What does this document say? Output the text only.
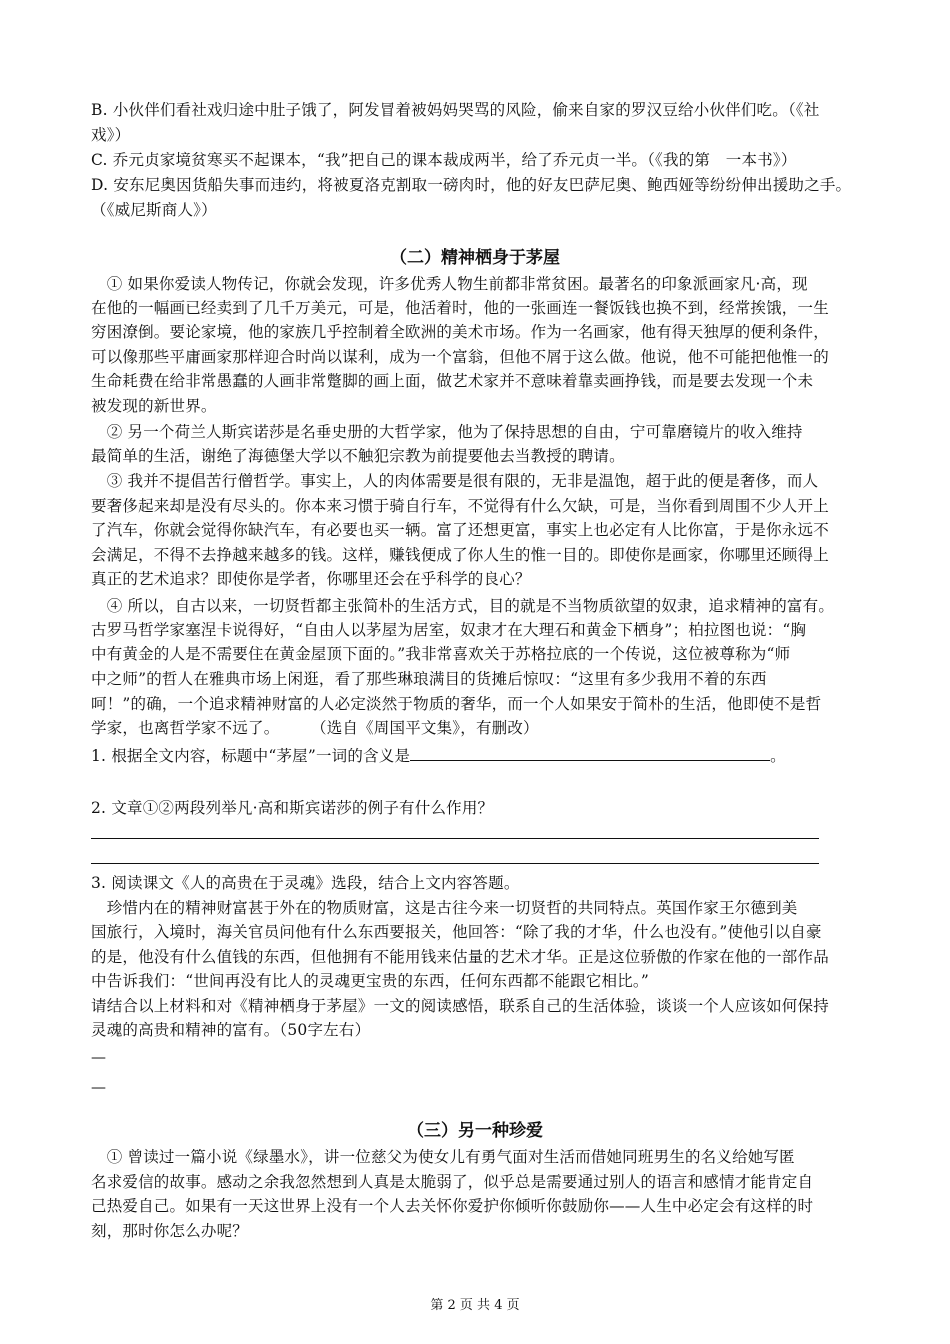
B. 小伙伴们看社戏归途中肚子饿了，阿发冒着被妈妈哭骂的风险，偷来自家的罗汉豆给小伙伴们吃。（《社
戏》）
C. 乔元贞家境贫寒买不起课本，“我”把自己的课本裁成两半，给了乔元贞一半。（《我的第　一本书》）
D. 安东尼奥因货船失事而违约，将被夏洛克割取一磅肉时，他的好友巴萨尼奥、鲍西娅等纷纷伸出援助之手。
（《威尼斯商人》）
（二）精神栖身于茅屋
　① 如果你爱读人物传记，你就会发现，许多优秀人物生前都非常贫困。最著名的印象派画家凡·高，现
在他的一幅画已经卖到了几千万美元，可是，他活着时，他的一张画连一餐饭钱也换不到，经常挨饿，一生
穷困潦倒。要论家境，他的家族几乎控制着全欧洲的美术市场。作为一名画家，他有得天独厚的便利条件，
可以像那些平庸画家那样迎合时尚以谋利，成为一个富翁，但他不屑于这么做。他说，他不可能把他惟一的
生命耗费在给非常愚蠢的人画非常蹩脚的画上面，做艺术家并不意味着靠卖画挣钱，而是要去发现一个未
被发现的新世界。
　② 另一个荷兰人斯宾诺莎是名垂史册的大哲学家，他为了保持思想的自由，宁可靠磨镜片的收入维持
最简单的生活，谢绝了海德堡大学以不触犯宗教为前提要他去当教授的聘请。
　③ 我并不提倡苦行僧哲学。事实上，人的肉体需要是很有限的，无非是温饱，超于此的便是奢侈，而人
要奢侈起来却是没有尽头的。你本来习惯于骑自行车，不觉得有什么欠缺，可是，当你看到周围不少人开上
了汽车，你就会觉得你缺汽车，有必要也买一辆。富了还想更富，事实上也必定有人比你富，于是你永远不
会满足，不得不去挣越来越多的钱。这样，赚钱便成了你人生的惟一目的。即使你是画家，你哪里还顾得上
真正的艺术追求？即使你是学者，你哪里还会在乎科学的良心？
　④ 所以，自古以来，一切贤哲都主张简朴的生活方式，目的就是不当物质欲望的奴隶，追求精神的富有。
古罗马哲学家塞涅卡说得好，“自由人以茅屋为居室，奴隶才在大理石和黄金下栖身”；柏拉图也说：“胸
中有黄金的人是不需要住在黄金屋顶下面的。”我非常喜欢关于苏格拉底的一个传说，这位被尊称为“师
中之师”的哲人在雅典市场上闲逛，看了那些琳琅满目的货摊后惊叹：“这里有多少我用不着的东西
呵！”的确，一个追求精神财富的人必定淡然于物质的奢华，而一个人如果安于简朴的生活，他即使不是哲
学家，也离哲学家不远了。　　　（选自《周国平文集》，有删改）
1. 根据全文内容，标题中“茅屋”一词的含义是	。
2. 文章①②两段列举凡·高和斯宾诺莎的例子有什么作用？
3. 阅读课文《人的高贵在于灵魂》选段，结合上文内容答题。
　珍惜内在的精神财富甚于外在的物质财富，这是古往今来一切贤哲的共同特点。英国作家王尔德到美
国旅行，入境时，海关官员问他有什么东西要报关，他回答：“除了我的才华，什么也没有。”使他引以自豪
的是，他没有什么值钱的东西，但他拥有不能用钱来估量的艺术才华。正是这位骄傲的作家在他的一部作品
中告诉我们：“世间再没有比人的灵魂更宝贵的东西，任何东西都不能跟它相比。”
请结合以上材料和对《精神栖身于茅屋》一文的阅读感悟，联系自己的生活体验，谈谈一个人应该如何保持
灵魂的高贵和精神的富有。（50字左右）
—
—
（三）另一种珍爱
　① 曾读过一篇小说《绿墨水》，讲一位慈父为使女儿有勇气面对生活而借她同班男生的名义给她写匿
名求爱信的故事。感动之余我忽然想到人真是太脆弱了，似乎总是需要通过别人的语言和感情才能肯定自
己热爱自己。如果有一天这世界上没有一个人去关怀你爱护你倾听你鼓励你——人生中必定会有这样的时
刻，那时你怎么办呢？
第 2 页 共 4 页
